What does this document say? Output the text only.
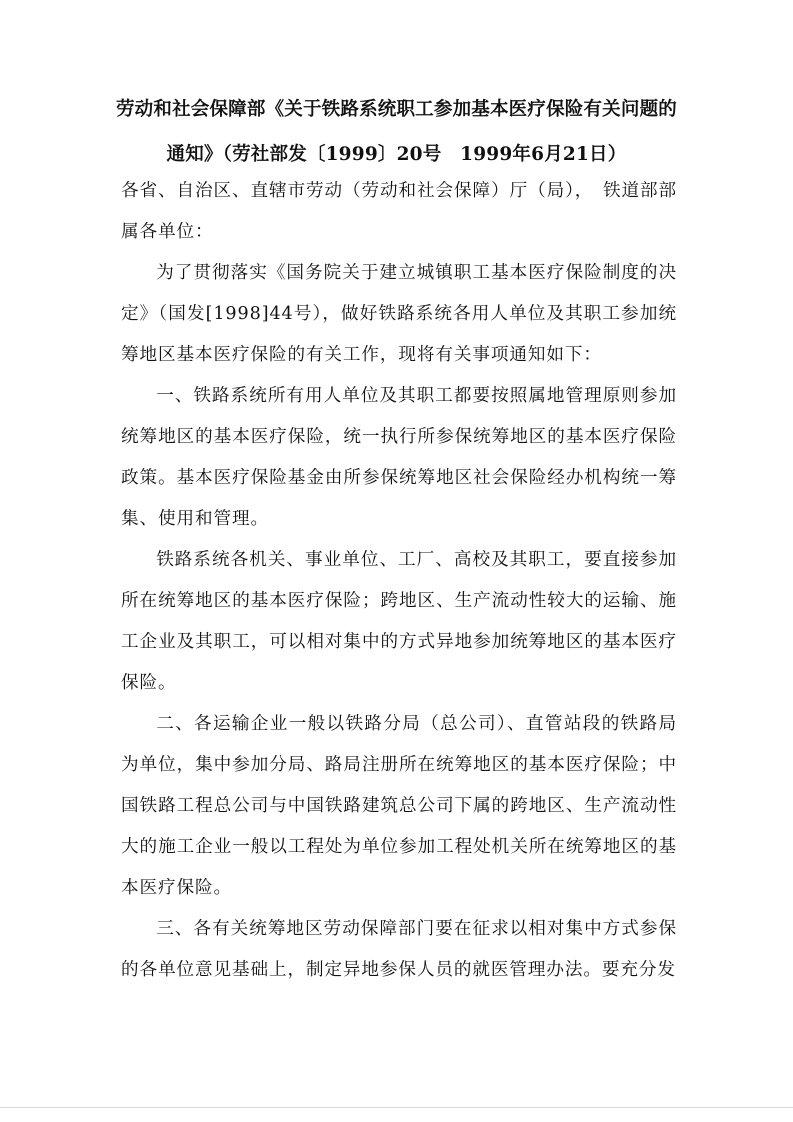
劳动和社会保障部《关于铁路系统职工参加基本医疗保险有关问题的
通知》（劳社部发〔1999〕20号　1999年6月21日）

各省、自治区、直辖市劳动（劳动和社会保障）厅（局），　铁道部部属各单位：

为了贯彻落实《国务院关于建立城镇职工基本医疗保险制度的决定》（国发[1998]44号），做好铁路系统各用人单位及其职工参加统筹地区基本医疗保险的有关工作，现将有关事项通知如下：

一、铁路系统所有用人单位及其职工都要按照属地管理原则参加统筹地区的基本医疗保险，统一执行所参保统筹地区的基本医疗保险政策。基本医疗保险基金由所参保统筹地区社会保险经办机构统一筹集、使用和管理。

铁路系统各机关、事业单位、工厂、高校及其职工，要直接参加所在统筹地区的基本医疗保险；跨地区、生产流动性较大的运输、施工企业及其职工，可以相对集中的方式异地参加统筹地区的基本医疗保险。

二、各运输企业一般以铁路分局（总公司）、直管站段的铁路局为单位，集中参加分局、路局注册所在统筹地区的基本医疗保险；中国铁路工程总公司与中国铁路建筑总公司下属的跨地区、生产流动性大的施工企业一般以工程处为单位参加工程处机关所在统筹地区的基本医疗保险。

三、各有关统筹地区劳动保障部门要在征求以相对集中方式参保的各单位意见基础上，制定异地参保人员的就医管理办法。要充分发
